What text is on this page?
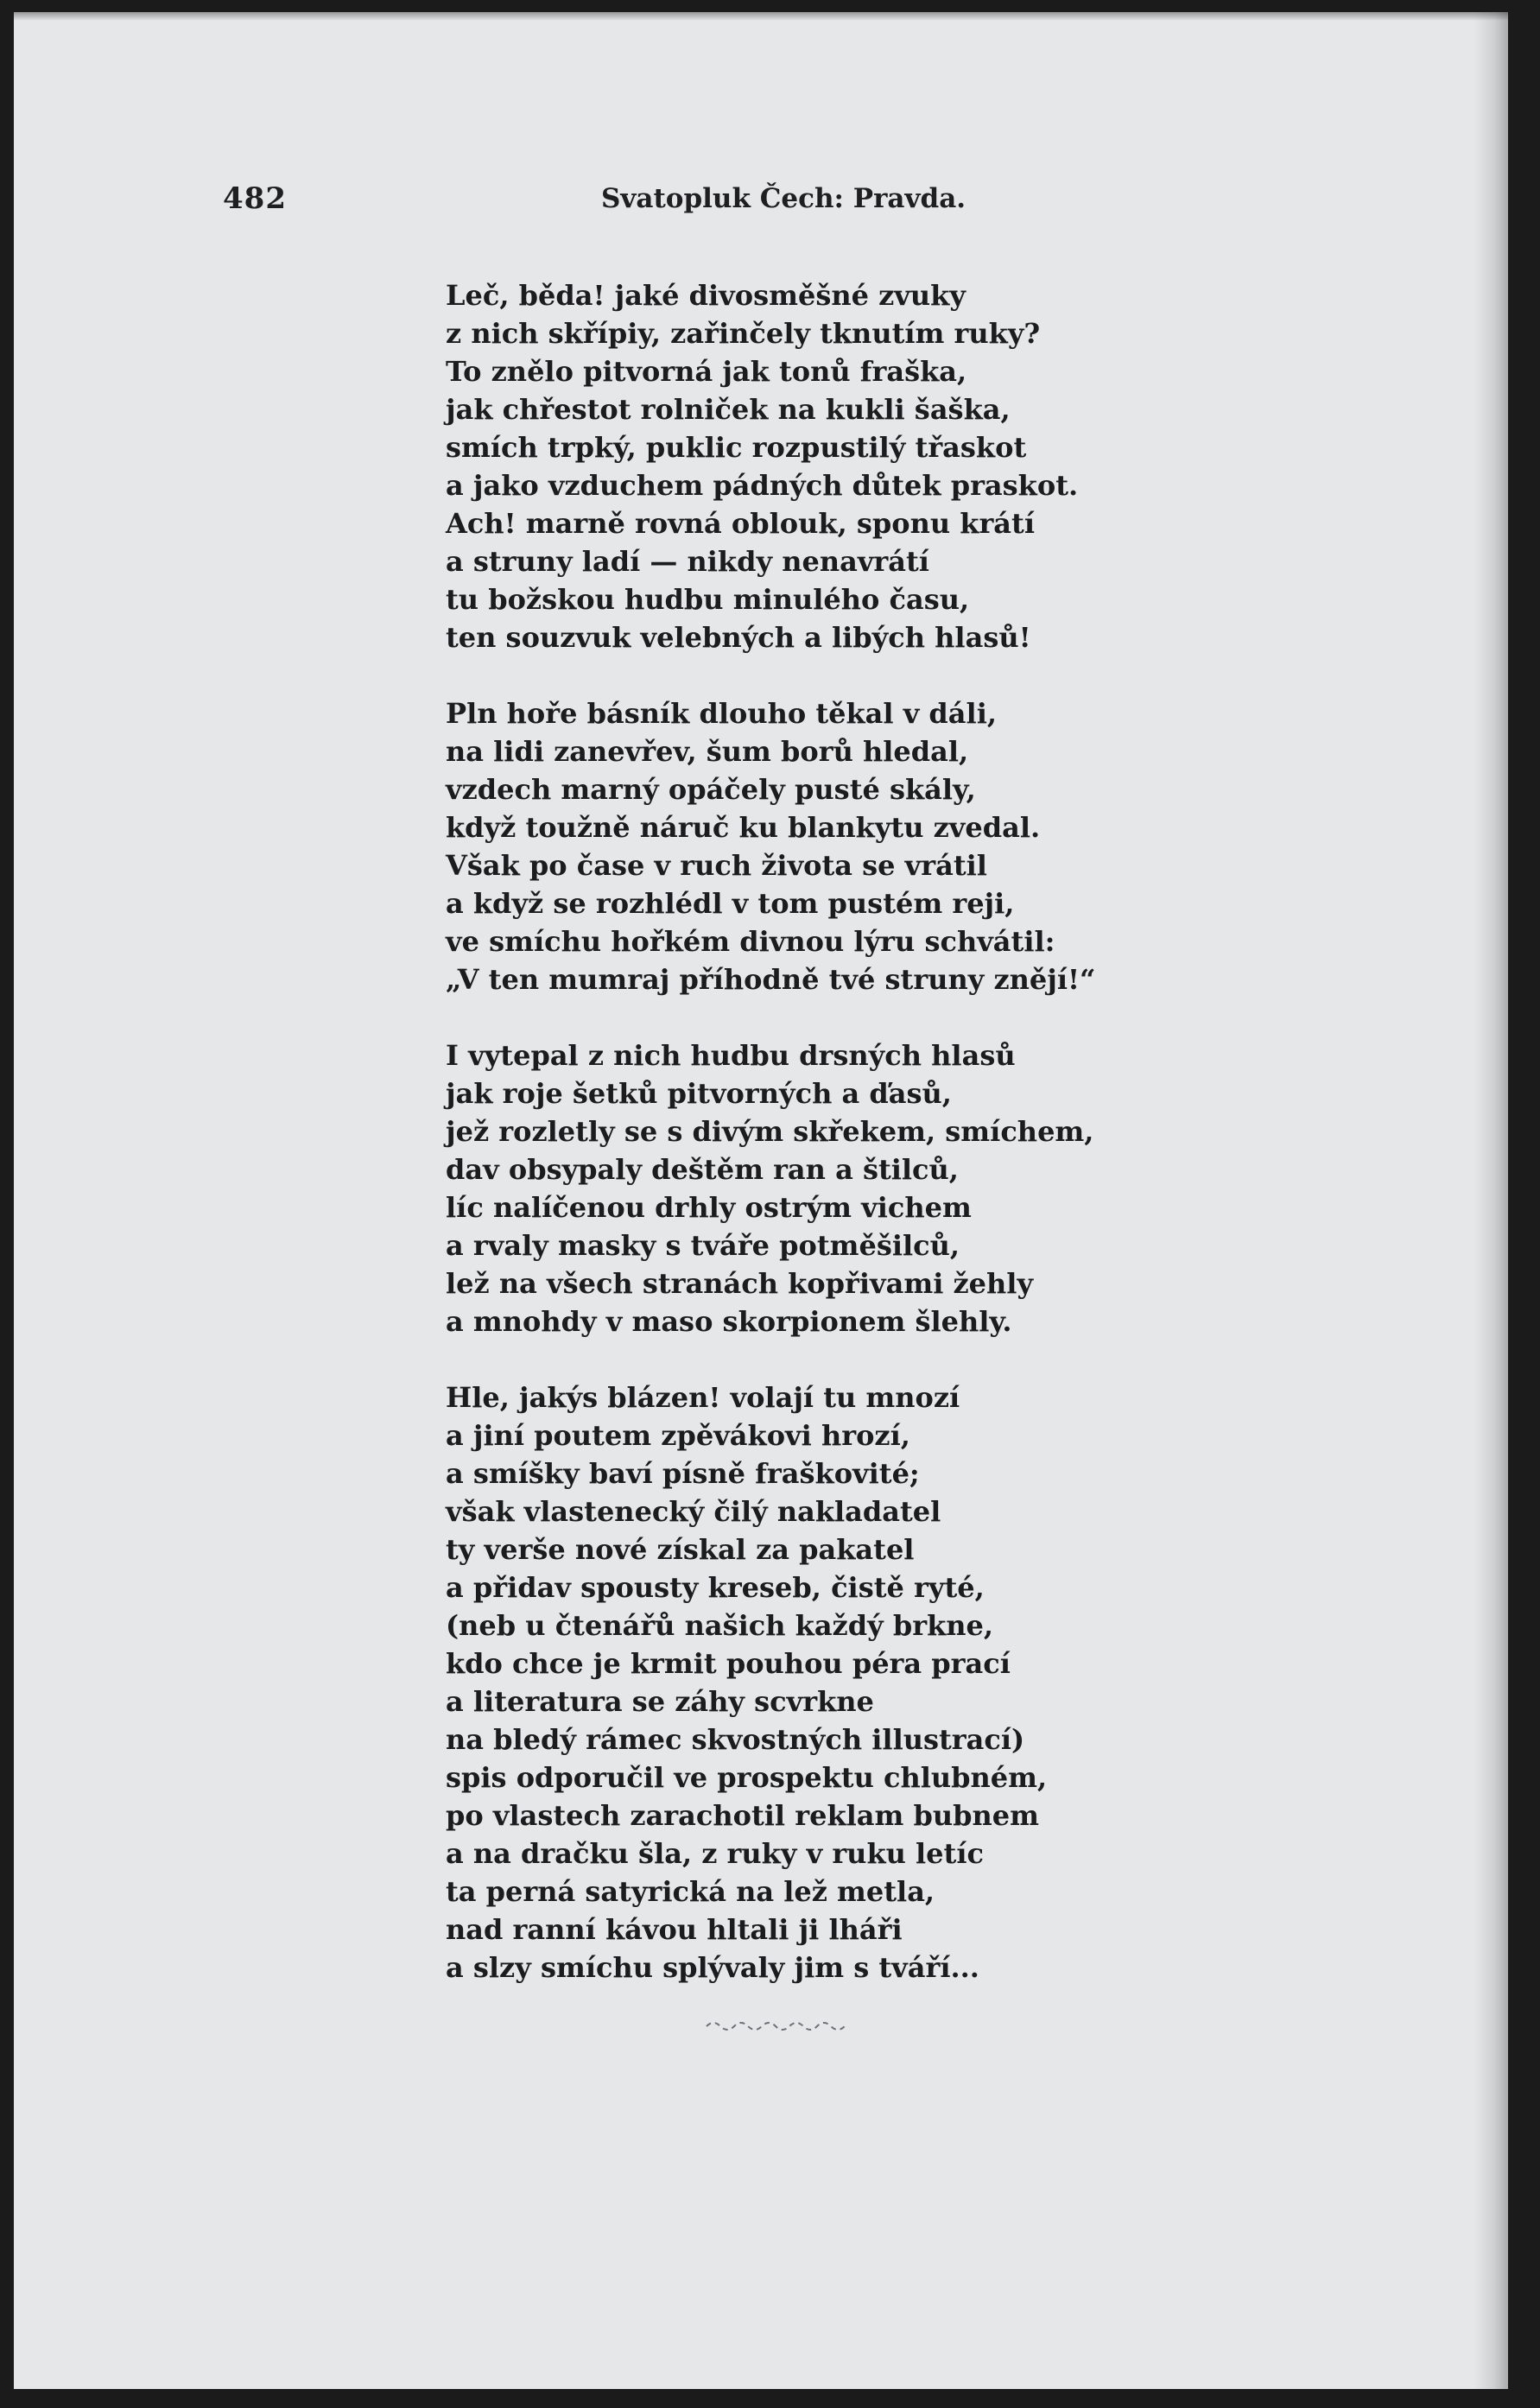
482	Svatopluk Čech: Pravda.
Leč, běda! jaké divosměšné zvuky
z nich skřípiy, zařinčely tknutím ruky?
To znělo pitvorná jak tonů fraška,
jak chřestot rolniček na kukli šaška,
smích trpký, puklic rozpustilý třaskot
a jako vzduchem pádných důtek praskot.
Ach! marně rovná oblouk, sponu krátí
a struny ladí — nikdy nenavrátí
tu božskou hudbu minulého času,
ten souzvuk velebných a libých hlasů!
Pln hoře básník dlouho těkal v dáli,
na lidi zanevřev, šum borů hledal,
vzdech marný opáčely pusté skály,
když toužně náruč ku blankytu zvedal.
Však po čase v ruch života se vrátil
a když se rozhlédl v tom pustém reji,
ve smíchu hořkém divnou lýru schvátil:
„V ten mumraj příhodně tvé struny znějí!“
I vytepal z nich hudbu drsných hlasů
jak roje šetků pitvorných a ďasů,
jež rozletly se s divým skřekem, smíchem,
dav obsypaly deštěm ran a štilců,
líc nalíčenou drhly ostrým vichem
a rvaly masky s tváře potměšilců,
lež na všech stranách kopřivami žehly
a mnohdy v maso skorpionem šlehly.
Hle, jakýs blázen! volají tu mnozí
a jiní poutem zpěvákovi hrozí,
a smíšky baví písně fraškovité;
však vlastenecký čilý nakladatel
ty verše nové získal za pakatel
a přidav spousty kreseb, čistě ryté,
(neb u čtenářů našich každý brkne,
kdo chce je krmit pouhou péra prací
a literatura se záhy scvrkne
na bledý rámec skvostných illustrací)
spis odporučil ve prospektu chlubném,
po vlastech zarachotil reklam bubnem
a na dračku šla, z ruky v ruku letíc
ta perná satyrická na lež metla,
nad ranní kávou hltali ji lháři
a slzy smíchu splývaly jim s tváří...
